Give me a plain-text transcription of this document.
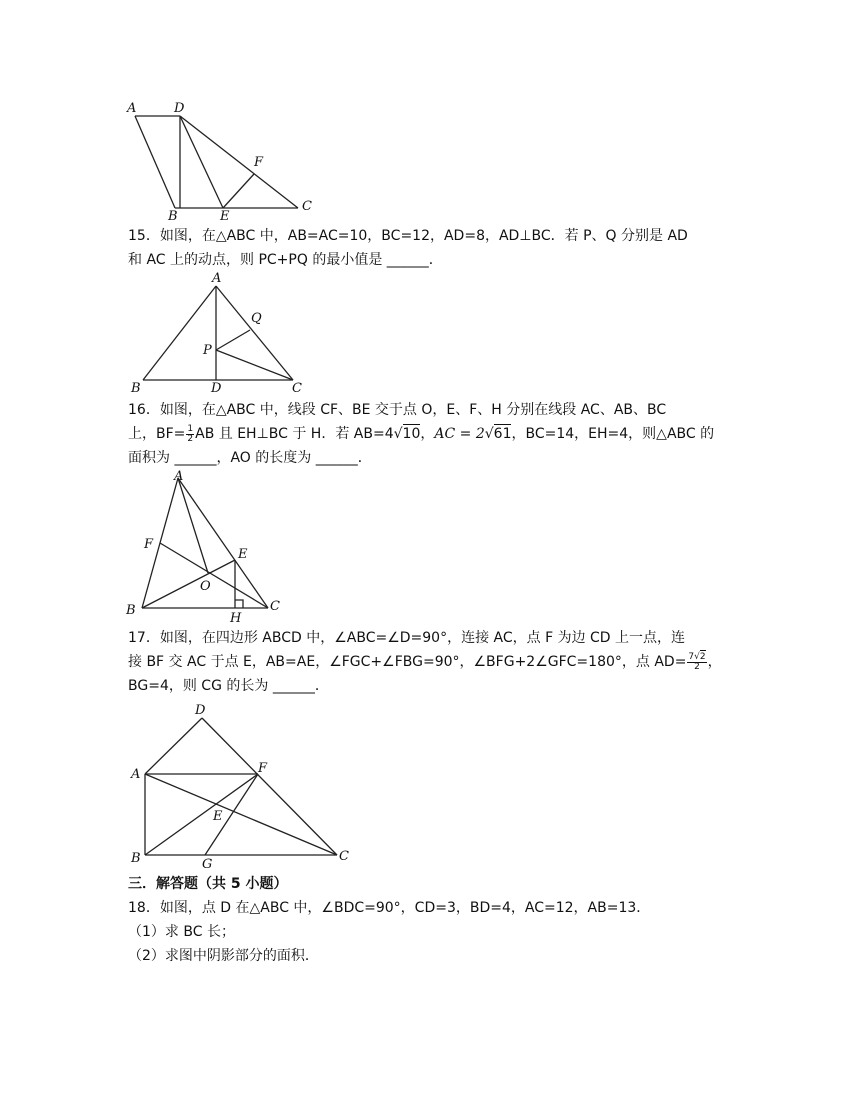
A	D
F
B	E
C

15．如图，在△ABC 中，AB=AC=10，BC=12，AD=8，AD⊥BC．若 P、Q 分别是 AD

和 AC 上的动点，则 PC+PQ 的最小值是 ______．

A
Q
P
B	D	C

16．如图，在△ABC 中，线段 CF、BE 交于点 O，E、F、H 分别在线段 AC、AB、BC

上，$BF= \frac{1}{2}$ AB 且 EH⊥BC 于 H．若 AB=4√10，AC = 2√61，BC=14，EH=4，则△ABC 的

面积为 ______，AO 的长度为 ______．

A
F
E
O
B
H
C

17．如图，在四边形 ABCD 中，∠ABC=∠D=90°，连接 AC，点 F 为边 CD 上一点，连

接 BF 交 AC 于点 E，AB=AE，∠FGC+∠FBG=90°，∠BFG+2∠GFC=180°，点 $AD= \frac{7√2}{2}$ ，

BG=4，则 CG 的长为 ______．

D
A	F
E
B	G
C

三．解答题（共 5 小题）

18．如图，点 D 在△ABC 中，∠BDC=90°，CD=3，BD=4，AC=12，AB=13．

（1）求 BC 长；

（2）求图中阴影部分的面积．
